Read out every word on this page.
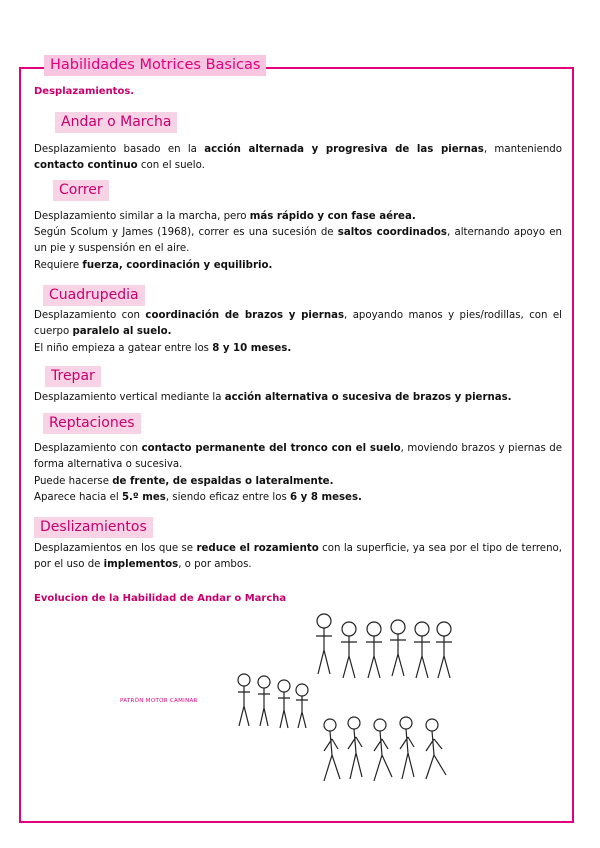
Habilidades Motrices Basicas
Desplazamientos.
Andar o Marcha

Desplazamiento basado en la acción alternada y progresiva de las piernas, manteniendo contacto continuo con el suelo.

Correr

Desplazamiento similar a la marcha, pero más rápido y con fase aérea.

Según Scolum y James (1968), correr es una sucesión de saltos coordinados, alternando apoyo en un pie y suspensión en el aire.

Requiere fuerza, coordinación y equilibrio.

Cuadrupedia

Desplazamiento con coordinación de brazos y piernas, apoyando manos y pies/rodillas, con el cuerpo paralelo al suelo.

El niño empieza a gatear entre los 8 y 10 meses.

Trepar

Desplazamiento vertical mediante la acción alternativa o sucesiva de brazos y piernas.

Reptaciones

Desplazamiento con contacto permanente del tronco con el suelo, moviendo brazos y piernas de forma alternativa o sucesiva.

Puede hacerse de frente, de espaldas o lateralmente.

Aparece hacia el 5.º mes, siendo eficaz entre los 6 y 8 meses.

Deslizamientos

Desplazamientos en los que se reduce el rozamiento con la superficie, ya sea por el tipo de terreno, por el uso de implementos, o por ambos.

Evolucion de la Habilidad de Andar o Marcha
PATRÓN MOTOR CAMINAR
